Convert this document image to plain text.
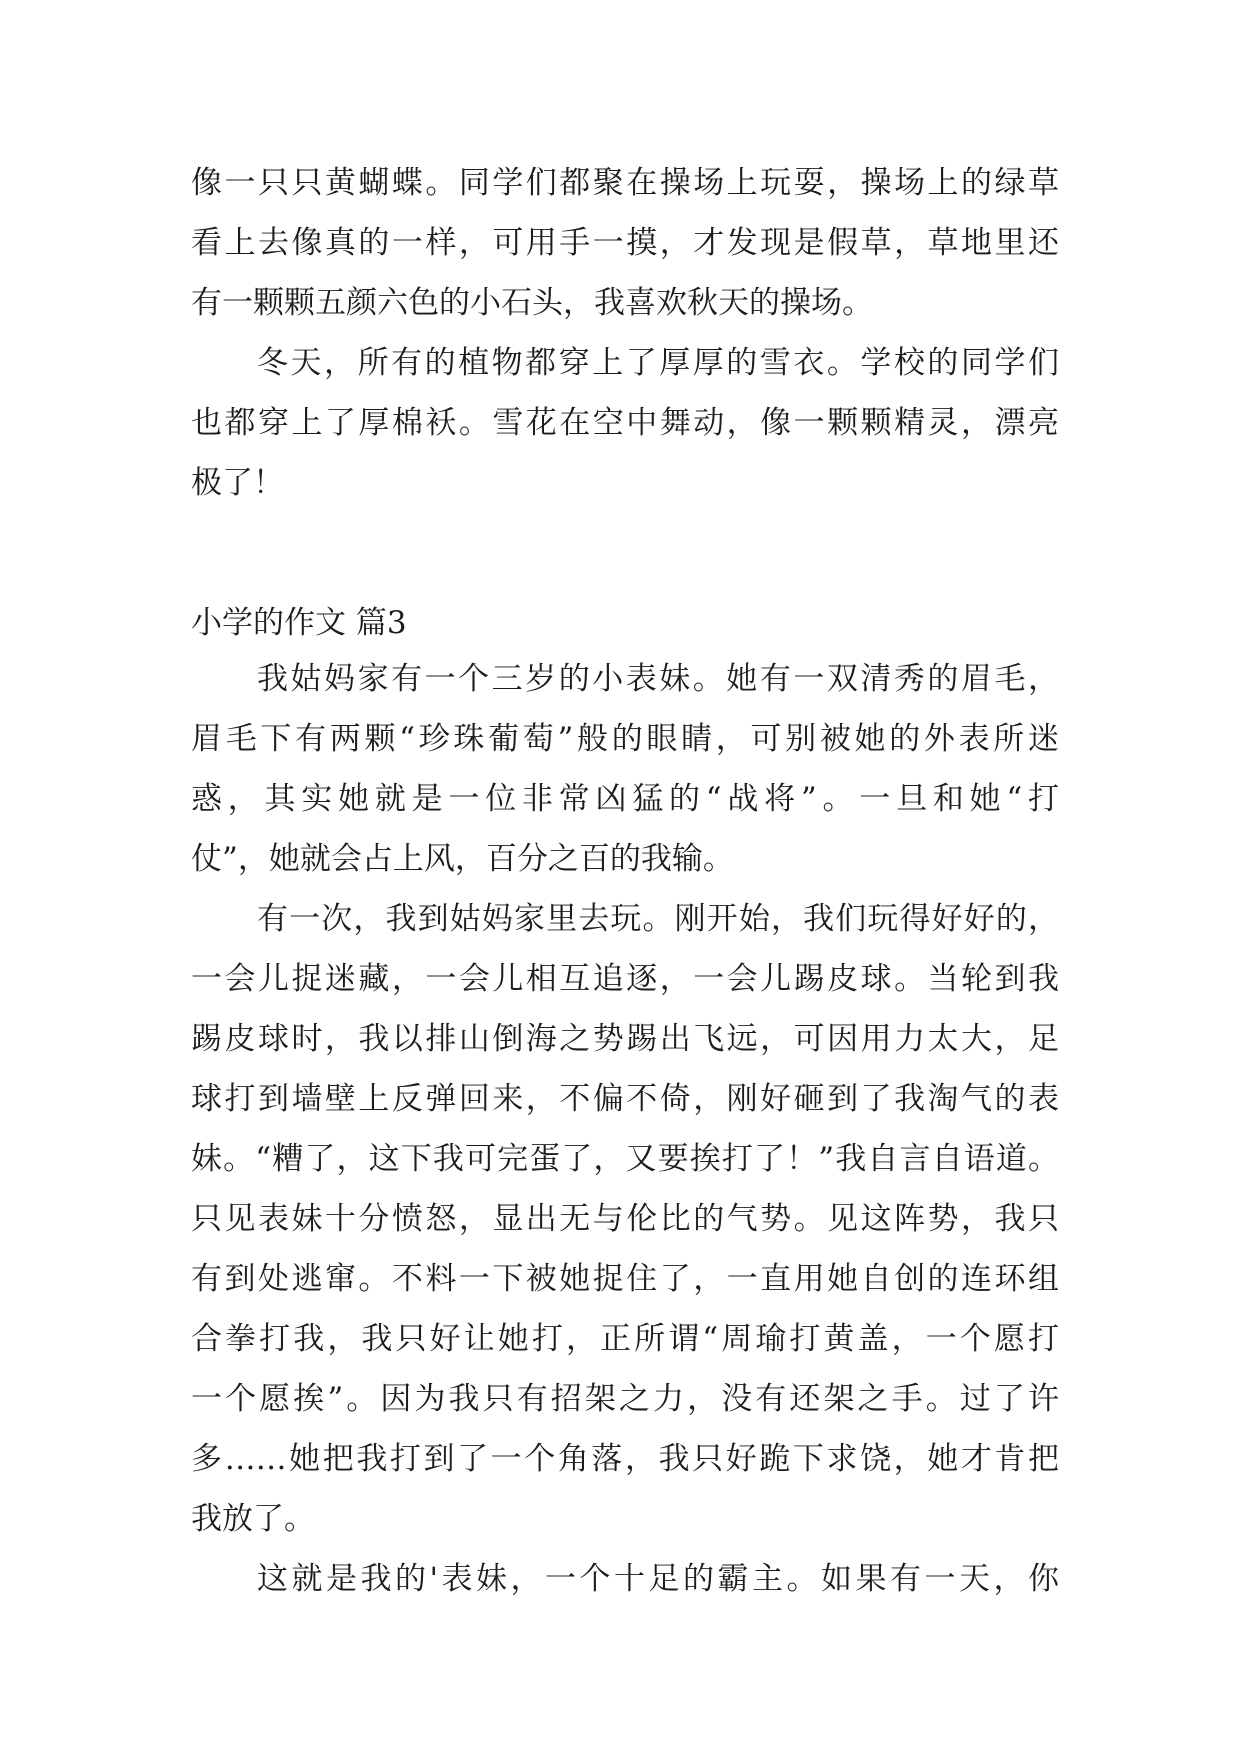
像一只只黄蝴蝶。同学们都聚在操场上玩耍，操场上的绿草
看上去像真的一样，可用手一摸，才发现是假草，草地里还
有一颗颗五颜六色的小石头，我喜欢秋天的操场。
冬天，所有的植物都穿上了厚厚的雪衣。学校的同学们
也都穿上了厚棉袄。雪花在空中舞动，像一颗颗精灵，漂亮
极了！
小学的作文 篇3
我姑妈家有一个三岁的小表妹。她有一双清秀的眉毛，
眉毛下有两颗“珍珠葡萄”般的眼睛，可别被她的外表所迷
惑，其实她就是一位非常凶猛的“战将”。一旦和她“打
仗”，她就会占上风，百分之百的我输。
有一次，我到姑妈家里去玩。刚开始，我们玩得好好的，
一会儿捉迷藏，一会儿相互追逐，一会儿踢皮球。当轮到我
踢皮球时，我以排山倒海之势踢出飞远，可因用力太大，足
球打到墙壁上反弹回来，不偏不倚，刚好砸到了我淘气的表
妹。“糟了，这下我可完蛋了，又要挨打了！”我自言自语道。
只见表妹十分愤怒，显出无与伦比的气势。见这阵势，我只
有到处逃窜。不料一下被她捉住了，一直用她自创的连环组
合拳打我，我只好让她打，正所谓“周瑜打黄盖，一个愿打
一个愿挨”。因为我只有招架之力，没有还架之手。过了许
多……她把我打到了一个角落，我只好跪下求饶，她才肯把
我放了。
这就是我的'表妹，一个十足的霸主。如果有一天，你
